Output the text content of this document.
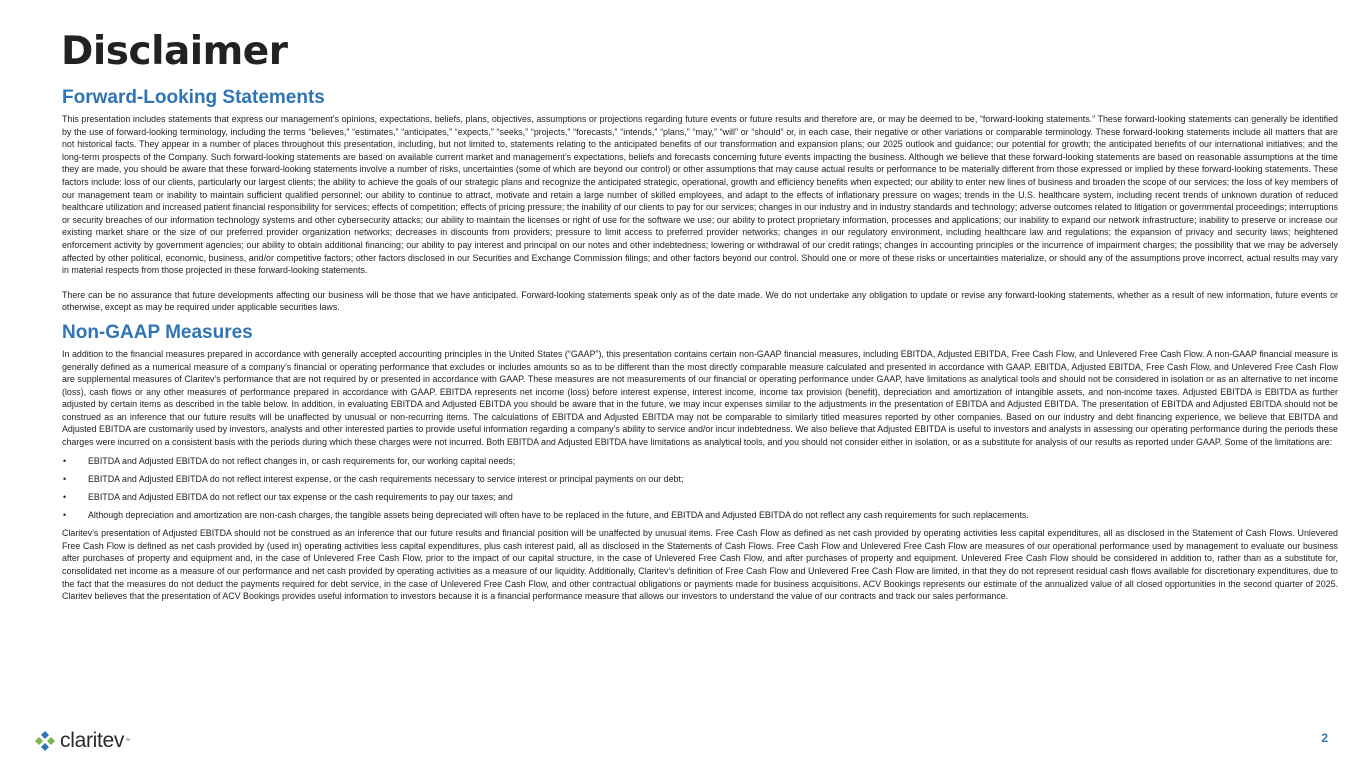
Disclaimer
Forward-Looking Statements

This presentation includes statements that express our management’s opinions, expectations, beliefs, plans, objectives, assumptions or projections regarding future events or future results and therefore are, or may be deemed to be, “forward-looking statements.” These forward-looking statements can generally be identified by the use of forward-looking terminology, including the terms “believes,” “estimates,” “anticipates,” “expects,” “seeks,” “projects,” “forecasts,” “intends,” “plans,” “may,” “will” or “should” or, in each case, their negative or other variations or comparable terminology. These forward-looking statements include all matters that are not historical facts. They appear in a number of places throughout this presentation, including, but not limited to, statements relating to the anticipated benefits of our transformation and expansion plans; our 2025 outlook and guidance; our potential for growth; the anticipated benefits of our international initiatives; and the long-term prospects of the Company. Such forward-looking statements are based on available current market and management’s expectations, beliefs and forecasts concerning future events impacting the business. Although we believe that these forward-looking statements are based on reasonable assumptions at the time they are made, you should be aware that these forward-looking statements involve a number of risks, uncertainties (some of which are beyond our control) or other assumptions that may cause actual results or performance to be materially different from those expressed or implied by these forward-looking statements. These factors include: loss of our clients, particularly our largest clients; the ability to achieve the goals of our strategic plans and recognize the anticipated strategic, operational, growth and efficiency benefits when expected; our ability to enter new lines of business and broaden the scope of our services; the loss of key members of our management team or inability to maintain sufficient qualified personnel; our ability to continue to attract, motivate and retain a large number of skilled employees, and adapt to the effects of inflationary pressure on wages; trends in the U.S. healthcare system, including recent trends of unknown duration of reduced healthcare utilization and increased patient financial responsibility for services; effects of competition; effects of pricing pressure; the inability of our clients to pay for our services; changes in our industry and in industry standards and technology; adverse outcomes related to litigation or governmental proceedings; interruptions or security breaches of our information technology systems and other cybersecurity attacks; our ability to maintain the licenses or right of use for the software we use; our ability to protect proprietary information, processes and applications; our inability to expand our network infrastructure; inability to preserve or increase our existing market share or the size of our preferred provider organization networks; decreases in discounts from providers; pressure to limit access to preferred provider networks; changes in our regulatory environment, including healthcare law and regulations; the expansion of privacy and security laws; heightened enforcement activity by government agencies; our ability to obtain additional financing; our ability to pay interest and principal on our notes and other indebtedness; lowering or withdrawal of our credit ratings; changes in accounting principles or the incurrence of impairment charges; the possibility that we may be adversely affected by other political, economic, business, and/or competitive factors; other factors disclosed in our Securities and Exchange Commission filings; and other factors beyond our control. Should one or more of these risks or uncertainties materialize, or should any of the assumptions prove incorrect, actual results may vary in material respects from those projected in these forward-looking statements.

There can be no assurance that future developments affecting our business will be those that we have anticipated. Forward-looking statements speak only as of the date made. We do not undertake any obligation to update or revise any forward-looking statements, whether as a result of new information, future events or otherwise, except as may be required under applicable securities laws.

Non-GAAP Measures

In addition to the financial measures prepared in accordance with generally accepted accounting principles in the United States (“GAAP”), this presentation contains certain non-GAAP financial measures, including EBITDA, Adjusted EBITDA, Free Cash Flow, and Unlevered Free Cash Flow. A non-GAAP financial measure is generally defined as a numerical measure of a company’s financial or operating performance that excludes or includes amounts so as to be different than the most directly comparable measure calculated and presented in accordance with GAAP. EBITDA, Adjusted EBITDA, Free Cash Flow, and Unlevered Free Cash Flow are supplemental measures of Claritev’s performance that are not required by or presented in accordance with GAAP. These measures are not measurements of our financial or operating performance under GAAP, have limitations as analytical tools and should not be considered in isolation or as an alternative to net income (loss), cash flows or any other measures of performance prepared in accordance with GAAP. EBITDA represents net income (loss) before interest expense, interest income, income tax provision (benefit), depreciation and amortization of intangible assets, and non-income taxes. Adjusted EBITDA is EBITDA as further adjusted by certain items as described in the table below. In addition, in evaluating EBITDA and Adjusted EBITDA you should be aware that in the future, we may incur expenses similar to the adjustments in the presentation of EBITDA and Adjusted EBITDA. The presentation of EBITDA and Adjusted EBITDA should not be construed as an inference that our future results will be unaffected by unusual or non-recurring items. The calculations of EBITDA and Adjusted EBITDA may not be comparable to similarly titled measures reported by other companies. Based on our industry and debt financing experience, we believe that EBITDA and Adjusted EBITDA are customarily used by investors, analysts and other interested parties to provide useful information regarding a company’s ability to service and/or incur indebtedness. We also believe that Adjusted EBITDA is useful to investors and analysts in assessing our operating performance during the periods these charges were incurred on a consistent basis with the periods during which these charges were not incurred. Both EBITDA and Adjusted EBITDA have limitations as analytical tools, and you should not consider either in isolation, or as a substitute for analysis of our results as reported under GAAP. Some of the limitations are:

• EBITDA and Adjusted EBITDA do not reflect changes in, or cash requirements for, our working capital needs;
• EBITDA and Adjusted EBITDA do not reflect interest expense, or the cash requirements necessary to service interest or principal payments on our debt;
• EBITDA and Adjusted EBITDA do not reflect our tax expense or the cash requirements to pay our taxes; and
• Although depreciation and amortization are non-cash charges, the tangible assets being depreciated will often have to be replaced in the future, and EBITDA and Adjusted EBITDA do not reflect any cash requirements for such replacements.

Claritev’s presentation of Adjusted EBITDA should not be construed as an inference that our future results and financial position will be unaffected by unusual items. Free Cash Flow as defined as net cash provided by operating activities less capital expenditures, all as disclosed in the Statement of Cash Flows. Unlevered Free Cash Flow is defined as net cash provided by (used in) operating activities less capital expenditures, plus cash interest paid, all as disclosed in the Statements of Cash Flows. Free Cash Flow and Unlevered Free Cash Flow are measures of our operational performance used by management to evaluate our business after purchases of property and equipment and, in the case of Unlevered Free Cash Flow, prior to the impact of our capital structure, in the case of Unlevered Free Cash Flow, and after purchases of property and equipment. Unlevered Free Cash Flow should be considered in addition to, rather than as a substitute for, consolidated net income as a measure of our performance and net cash provided by operating activities as a measure of our liquidity. Additionally, Claritev’s definition of Free Cash Flow and Unlevered Free Cash Flow are limited, in that they do not represent residual cash flows available for discretionary expenditures, due to the fact that the measures do not deduct the payments required for debt service, in the case of Unlevered Free Cash Flow, and other contractual obligations or payments made for business acquisitions. ACV Bookings represents our estimate of the annualized value of all closed opportunities in the second quarter of 2025. Claritev believes that the presentation of ACV Bookings provides useful information to investors because it is a financial performance measure that allows our investors to understand the value of our contracts and track our sales performance.

claritev™	2
